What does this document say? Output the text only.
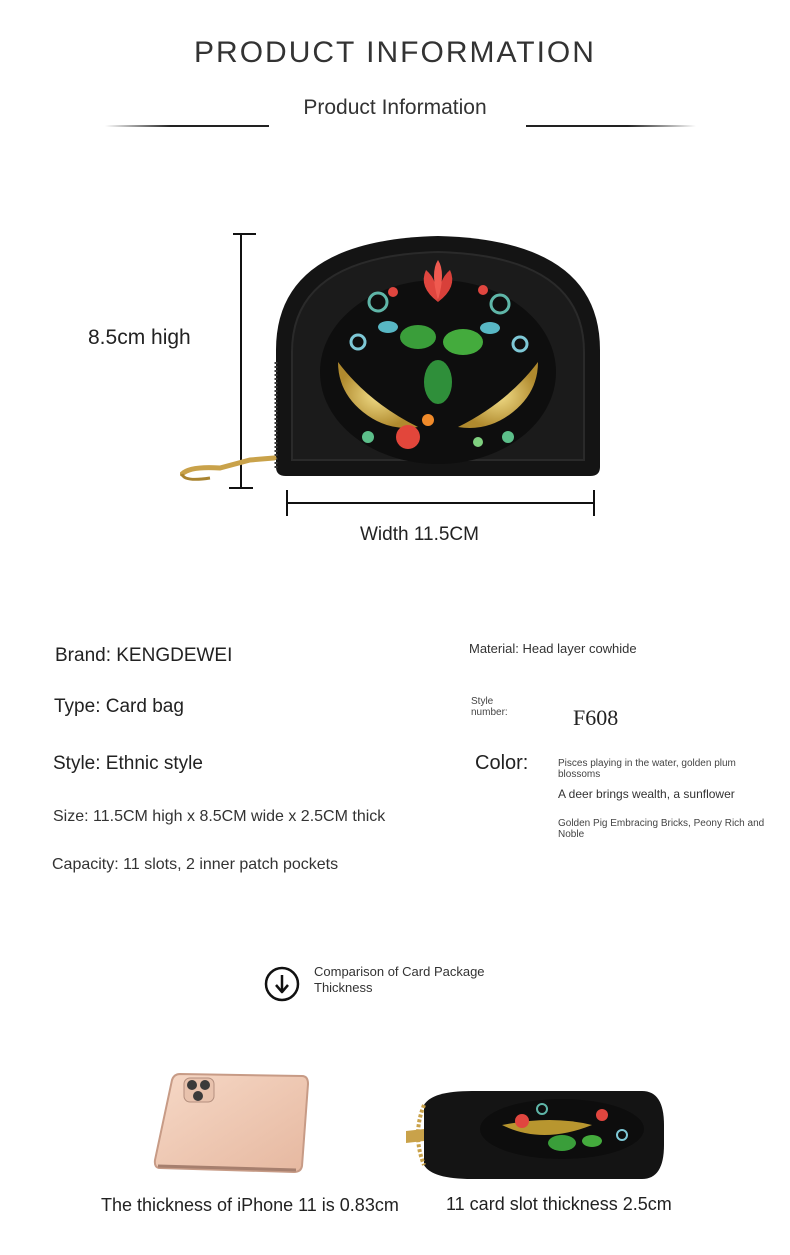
PRODUCT INFORMATION
Product Information
8.5cm high
Width 11.5CM
Brand: KENGDEWEI	Material: Head layer cowhide
Type: Card bag	Style number:	F608
Style: Ethnic style	Color:	Pisces playing in the water, golden plum blossoms
A deer brings wealth, a sunflower
Golden Pig Embracing Bricks, Peony Rich and Noble
Size: 11.5CM high x 8.5CM wide x 2.5CM thick
Capacity: 11 slots, 2 inner patch pockets
Comparison of Card Package Thickness
The thickness of iPhone 11 is 0.83cm	11 card slot thickness 2.5cm
